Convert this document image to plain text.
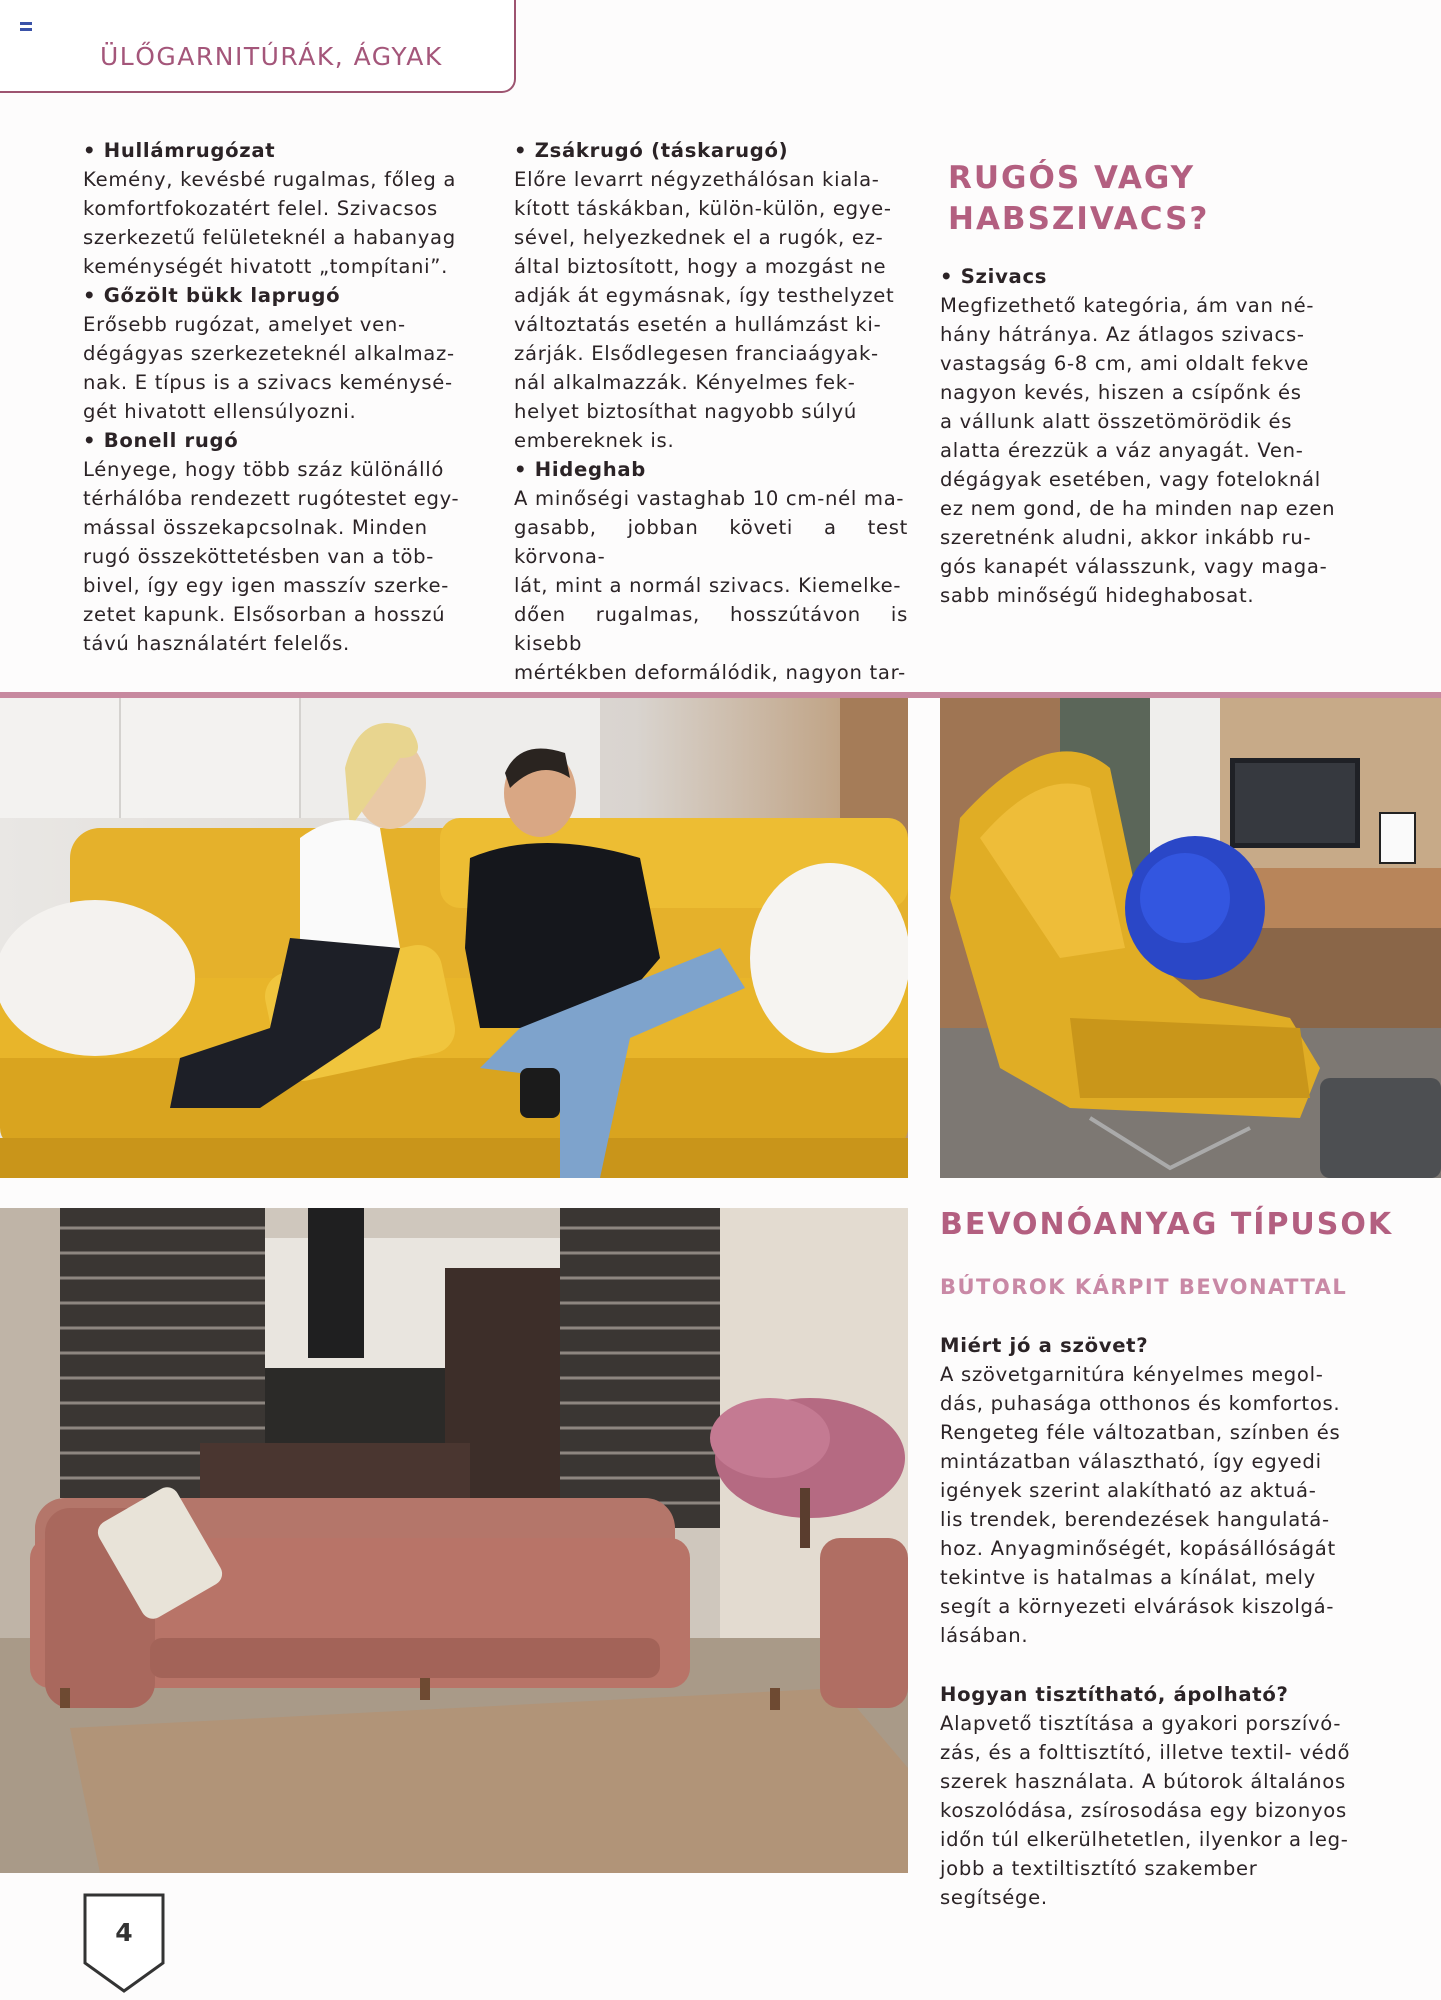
ÜLŐGARNITÚRÁK, ÁGYAK

• Hullámrugózat

Kemény, kevésbé rugalmas, főleg a

komfortfokozatért felel. Szivacsos

szerkezetű felületeknél a habanyag

keménységét hivatott „tompítani”.

• Gőzölt bükk laprugó

Erősebb rugózat, amelyet ven-

dégágyas szerkezeteknél alkalmaz-

nak. E típus is a szivacs keménysé-

gét hivatott ellensúlyozni.

• Bonell rugó

Lényege, hogy több száz különálló

térhálóba rendezett rugótestet egy-

mással összekapcsolnak. Minden

rugó összeköttetésben van a töb-

bivel, így egy igen masszív szerke-

zetet kapunk. Elsősorban a hosszú

távú használatért felelős.

• Zsákrugó (táskarugó)

Előre levarrt négyzethálósan kiala-

kított táskákban, külön-külön, egye-

sével, helyezkednek el a rugók, ez-

által biztosított, hogy a mozgást ne

adják át egymásnak, így testhelyzet

változtatás esetén a hullámzást ki-

zárják. Elsődlegesen franciaágyak-

nál alkalmazzák. Kényelmes fek-

helyet biztosíthat nagyobb súlyú

embereknek is.

• Hideghab

A minőségi vastaghab 10 cm-nél ma-

gasabb, jobban követi a test körvona-

lát, mint a normál szivacs. Kiemelke-

dően rugalmas, hosszútávon is kisebb

mértékben deformálódik, nagyon tar-

RUGÓS VAGY
HABSZIVACS?

• Szivacs

Megfizethető kategória, ám van né-

hány hátránya. Az átlagos szivacs-

vastagság 6-8 cm, ami oldalt fekve

nagyon kevés, hiszen a csípőnk és

a vállunk alatt összetömörödik és

alatta érezzük a váz anyagát. Ven-

dégágyak esetében, vagy foteloknál

ez nem gond, de ha minden nap ezen

szeretnénk aludni, akkor inkább ru-

gós kanapét válasszunk, vagy maga-

sabb minőségű hideghabosat.

BEVONÓANYAG TÍPUSOK
BÚTOROK KÁRPIT BEVONATTAL

Miért jó a szövet?

A szövetgarnitúra kényelmes megol-

dás, puhasága otthonos és komfortos.

Rengeteg féle változatban, színben és

mintázatban választható, így egyedi

igények szerint alakítható az aktuá-

lis trendek, berendezések hangulatá-

hoz. Anyagminőségét, kopásállóságát

tekintve is hatalmas a kínálat, mely

segít a környezeti elvárások kiszolgá-

lásában.

Hogyan tisztítható, ápolható?

Alapvető tisztítása a gyakori porszívó-

zás, és a folttisztító, illetve textil- védő

szerek használata. A bútorok általános

koszolódása, zsírosodása egy bizonyos

időn túl elkerülhetetlen, ilyenkor a leg-

jobb a textiltisztító szakember segítsége.

4
